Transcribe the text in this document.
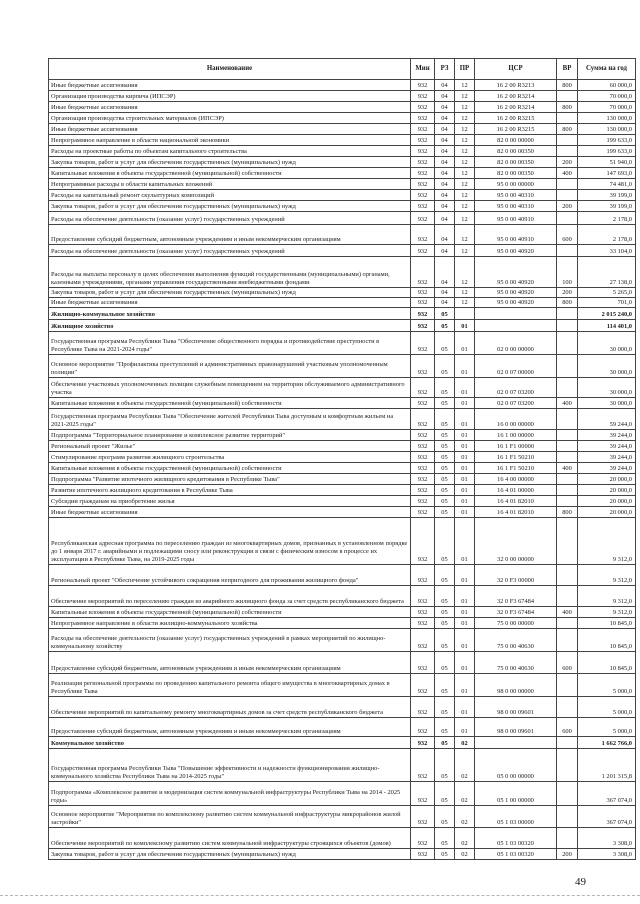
Наименование	Мин	РЗ	ПР	ЦСР	ВР	Сумма на год
Иные бюджетные ассигнования	932	04	12	16 2 00 R3213	800	60 000,0
Организация производства кирпича (ИПСЭР)	932	04	12	16 2 00 R3214		70 000,0
Иные бюджетные ассигнования	932	04	12	16 2 00 R3214	800	70 000,0
Организация производства строительных материалов (ИПСЭР)	932	04	12	16 2 00 R3215		130 000,0
Иные бюджетные ассигнования	932	04	12	16 2 00 R3215	800	130 000,0
Непрограммное направление в области национальной экономики	932	04	12	82 0 00 00000		199 633,0
Расходы на проектные работы по объектам капитального строительства	932	04	12	82 0 00 00350		199 633,0
Закупка товаров, работ и услуг для обеспечения государственных (муниципальных) нужд	932	04	12	82 0 00 00350	200	51 940,0
Капитальные вложения в объекты государственной (муниципальной) собственности	932	04	12	82 0 00 00350	400	147 693,0
Непрограммные расходы в области капитальных вложений	932	04	12	95 0 00 00000		74 481,0
Расходы на капитальный ремонт скульптурных композиций	932	04	12	95 0 00 40310		39 199,0
Закупка товаров, работ и услуг для обеспечения государственных (муниципальных) нужд	932	04	12	95 0 00 40310	200	39 199,0
Расходы на обеспечение деятельности (оказание услуг) государственных учреждений	932	04	12	95 0 00 40910		2 178,0
Предоставление субсидий бюджетным, автономным учреждениям и иным некоммерческим организациям	932	04	12	95 0 00 40910	600	2 178,0
Расходы на обеспечение деятельности (оказание услуг) государственных учреждений	932	04	12	95 0 00 40920		33 104,0
Расходы на выплаты персоналу в целях обеспечения выполнения функций государственными (муниципальными) органами, казенными учреждениями, органами управления государственными внебюджетными фондами	932	04	12	95 0 00 40920	100	27 138,0
Закупка товаров, работ и услуг для обеспечения государственных (муниципальных) нужд	932	04	12	95 0 00 40920	200	5 265,0
Иные бюджетные ассигнования	932	04	12	95 0 00 40920	800	701,0
Жилищно-коммунальное хозяйство	932	05				2 015 240,0
Жилищное хозяйство	932	05	01			114 401,0
Государственная программа Республики Тыва "Обеспечение общественного порядка и противодействие преступности в Республике Тыва на 2021-2024 годы"	932	05	01	02 0 00 00000		30 000,0
Основное мероприятие "Профилактика преступлений и административных правонарушений участковым уполномоченным полиции"	932	05	01	02 0 07 00000		30 000,0
Обеспечение участковых уполномоченных полиции служебным помещением на территории обслуживаемого административного участка	932	05	01	02 0 07 03200		30 000,0
Капитальные вложения в объекты государственной (муниципальной) собственности	932	05	01	02 0 07 03200	400	30 000,0
Государственная программа Республики Тыва "Обеспечение жителей Республики Тыва доступным и комфортным жильем на 2021-2025 годы"	932	05	01	16 0 00 00000		59 244,0
Подпрограмма "Территориальное планирование и комплексное развитие территорий"	932	05	01	16 1 00 00000		39 244,0
Региональный проект "Жилье"	932	05	01	16 1 F1 00000		39 244,0
Стимулирование программ развития жилищного строительства	932	05	01	16 1 F1 50210		39 244,0
Капитальные вложения в объекты государственной (муниципальной) собственности	932	05	01	16 1 F1 50210	400	39 244,0
Подпрограмма "Развитие ипотечного жилищного кредитования в Республике Тыва"	932	05	01	16 4 00 00000		20 000,0
Развитие ипотечного жилищного кредитования в Республике Тыва	932	05	01	16 4 01 00000		20 000,0
Субсидии гражданам на приобретение жилья	932	05	01	16 4 01 82010		20 000,0
Иные бюджетные ассигнования	932	05	01	16 4 01 82010	800	20 000,0
Республиканская адресная программа по переселению граждан из многоквартирных домов, признанных в установленном порядке до 1 января 2017 г. аварийными и подлежащими сносу или реконструкции в связи с физическим износом в процессе их эксплуатации в Республике Тыва, на 2019-2025 годы	932	05	01	32 0 00 00000		9 312,0
Региональный проект "Обеспечение устойчивого сокращения непригодного для проживания жилищного фонда"	932	05	01	32 0 F3 00000		9 312,0
Обеспечение мероприятий по переселению граждан из аварийного жилищного фонда за счет средств республиканского бюджета	932	05	01	32 0 F3 67484		9 312,0
Капитальные вложения в объекты государственной (муниципальной) собственности	932	05	01	32 0 F3 67484	400	9 312,0
Непрограммное направление в области жилищно-коммунального хозяйства	932	05	01	75 0 00 00000		10 845,0
Расходы на обеспечение деятельности (оказание услуг) государственных учреждений в рамках мероприятий по жилищно-коммунальному хозяйству	932	05	01	75 0 00 40630		10 845,0
Предоставление субсидий бюджетным, автономным учреждениям и иным некоммерческим организациям	932	05	01	75 0 00 40630	600	10 845,0
Реализация региональной программы по проведению капитального ремонта общего имущества в многоквартирных домах в Республике Тыва	932	05	01	98 0 00 00000		5 000,0
Обеспечение мероприятий по капитальному ремонту многоквартирных домов за счет средств республиканского бюджета	932	05	01	98 0 00 09601		5 000,0
Предоставление субсидий бюджетным, автономным учреждениям и иным некоммерческим организациям	932	05	01	98 0 00 09601	600	5 000,0
Коммунальное хозяйство	932	05	02			1 662 766,0
Государственная программа Республики Тыва "Повышение эффективности и надежности функционирования жилищно-коммунального хозяйства Республики Тыва на 2014-2025 годы"	932	05	02	05 0 00 00000		1 201 315,8
Подпрограмма «Комплексное развитие и модернизация систем коммунальной инфраструктуры Республики Тыва на 2014 - 2025 годы»	932	05	02	05 1 00 00000		367 074,0
Основное мероприятие "Мероприятия по комплексному развитию систем коммунальной инфраструктуры микрорайонов жилой застройки"	932	05	02	05 1 03 00000		367 074,0
Обеспечение мероприятий по комплексному развитию систем коммунальной инфраструктуры строящихся объектов (домов)	932	05	02	05 1 03 00320		3 308,0
Закупка товаров, работ и услуг для обеспечения государственных (муниципальных) нужд	932	05	02	05 1 03 00320	200	3 308,0
49
